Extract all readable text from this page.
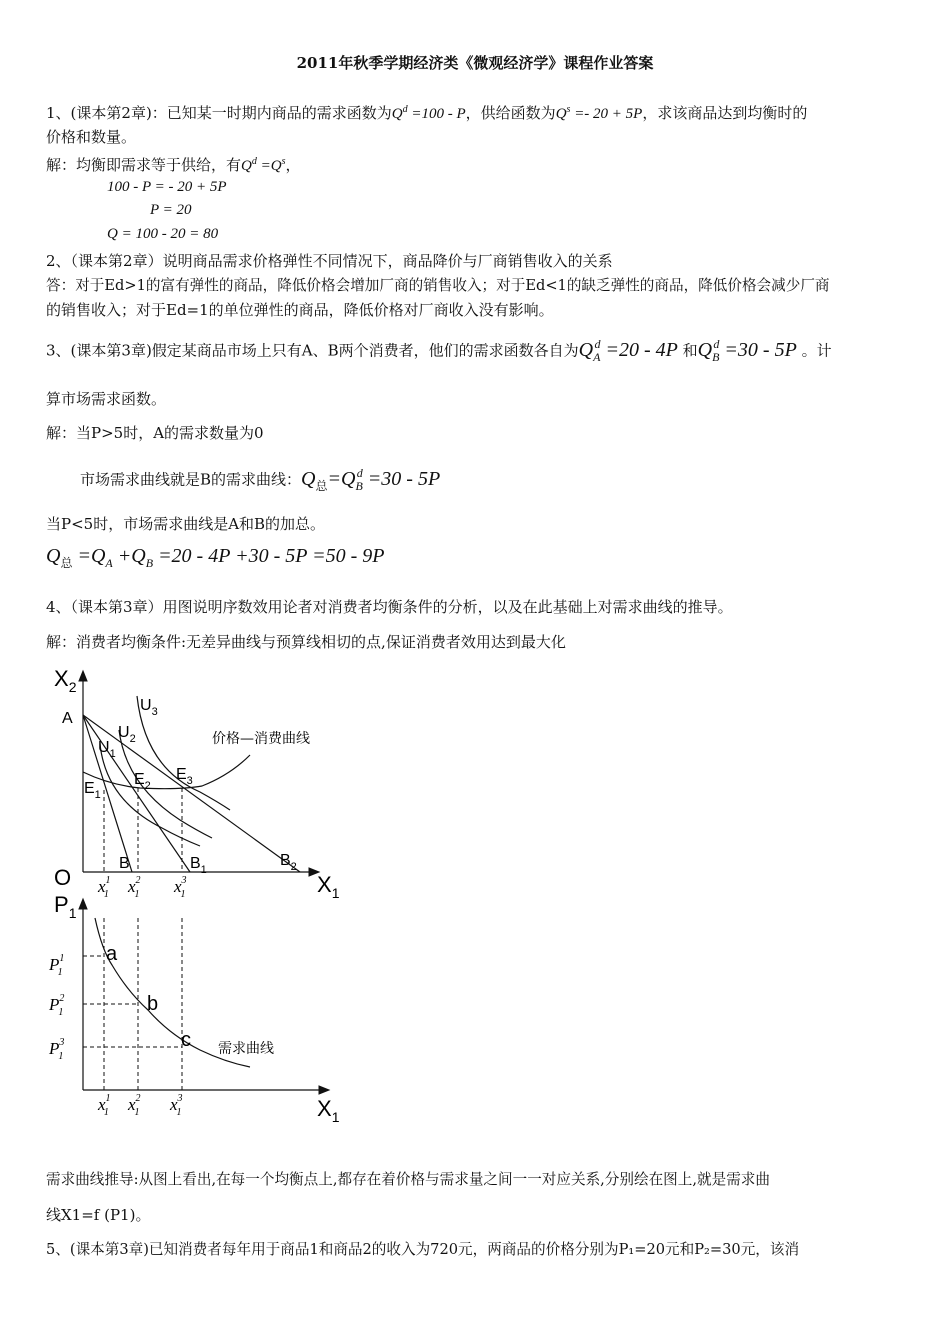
2011年秋季学期经济类《微观经济学》课程作业答案
1、(课本第2章)：已知某一时期内商品的需求函数为$Q^d =100 - P$，供给函数为$Q^s =- 20 + 5P$，求该商品达到均衡时的
价格和数量。
解：均衡即需求等于供给，有$Q^d =Q^s$，
100 - P = - 20 + 5P
P = 20
Q = 100 - 20 = 80
2、（课本第2章）说明商品需求价格弹性不同情况下，商品降价与厂商销售收入的关系
答：对于Ed>1的富有弹性的商品，降低价格会增加厂商的销售收入；对于Ed<1的缺乏弹性的商品，降低价格会减少厂商
的销售收入；对于Ed=1的单位弹性的商品，降低价格对厂商收入没有影响。
3、(课本第3章)假定某商品市场上只有A、B两个消费者，他们的需求函数各自为$Q_A^d =20 - 4P$ 和$Q_B^d =30 - 5P$ 。计
算市场需求函数。
解：当P>5时，A的需求数量为0
市场需求曲线就是B的需求曲线：$Q_总=Q_B^d =30 - 5P$
当P<5时，市场需求曲线是A和B的加总。
$Q_总 =Q_A +Q_B =20 - 4P +30 - 5P =50 - 9P$
4、（课本第3章）用图说明序数效用论者对消费者均衡条件的分析，以及在此基础上对需求曲线的推导。
解：消费者均衡条件:无差异曲线与预算线相切的点,保证消费者效用达到最大化
$X_2$
A
O	$X_1$
$U_1$
$U_2$
$U_3$
价格—消费曲线
$E_1$
$E_2$
$E_3$
B	$B_1$
$B_2$
$x^1$ 1 $x^2$ 1 $x^3$ 1
$P_1$
$X_1$
a
b
c 需求曲线
$P^1$ 1
$P^2$ 1
$P^3$ 1
$x^1$ 1 $x^2$ 1 $x^3$ 1
需求曲线推导:从图上看出,在每一个均衡点上,都存在着价格与需求量之间一一对应关系,分别绘在图上,就是需求曲
线X1=f (P1)。
5、(课本第3章)已知消费者每年用于商品1和商品2的收入为720元，两商品的价格分别为P₁=20元和P₂=30元，该消
